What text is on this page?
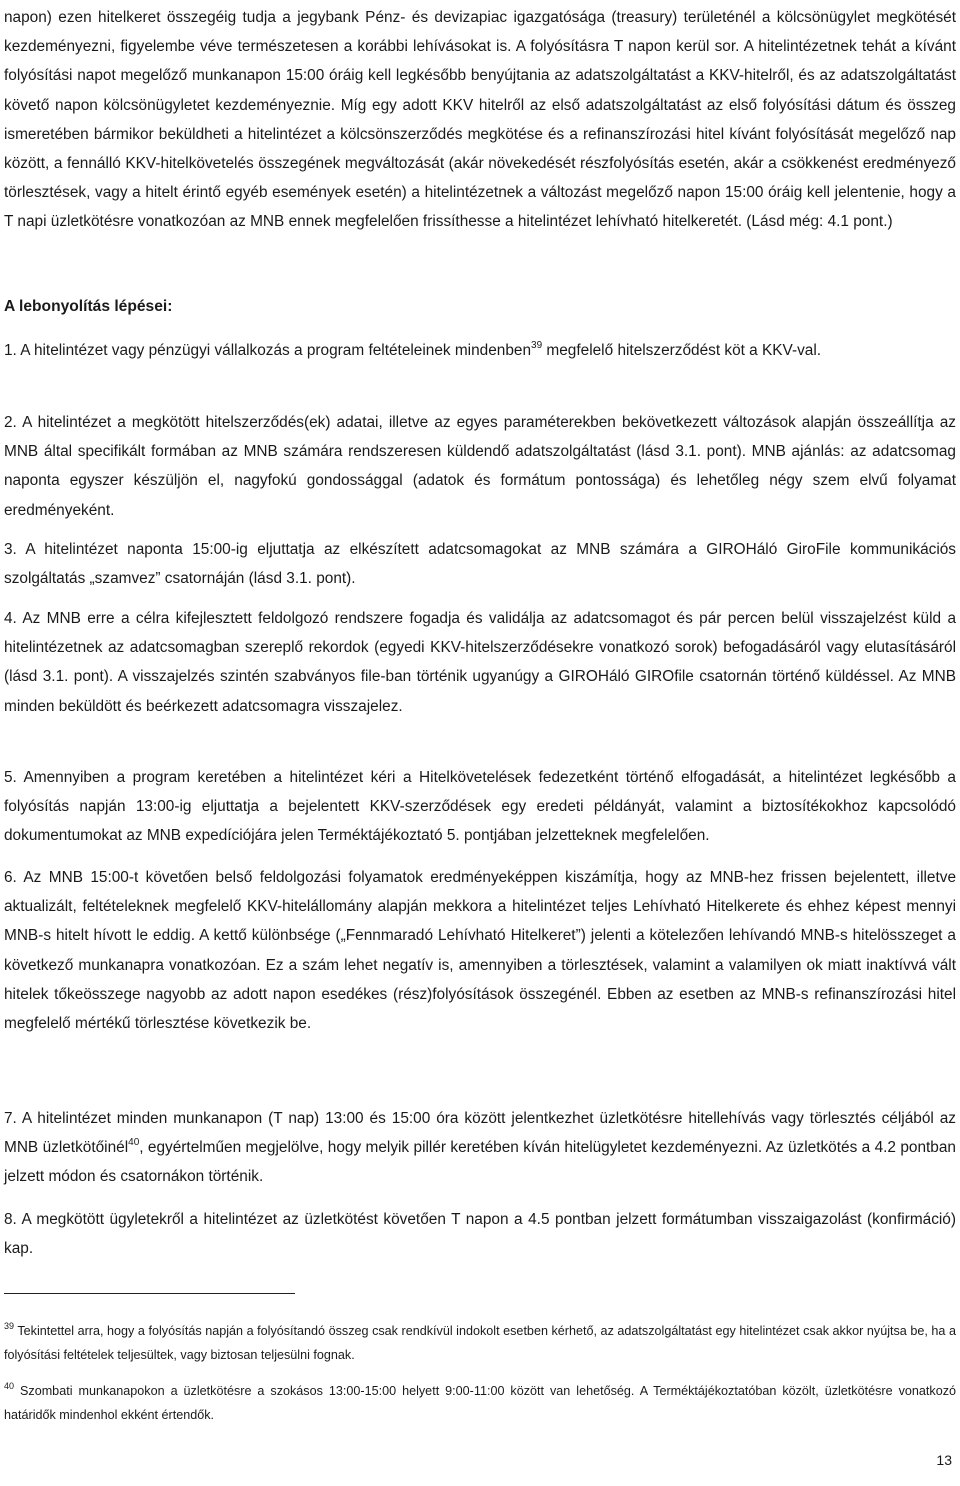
napon) ezen hitelkeret összegéig tudja a jegybank Pénz- és devizapiac igazgatósága (treasury) területénél a kölcsönügylet megkötését kezdeményezni, figyelembe véve természetesen a korábbi lehívásokat is. A folyósításra T napon kerül sor. A hitelintézetnek tehát a kívánt folyósítási napot megelőző munkanapon 15:00 óráig kell legkésőbb benyújtania az adatszolgáltatást a KKV-hitelről, és az adatszolgáltatást követő napon kölcsönügyletet kezdeményeznie. Míg egy adott KKV hitelről az első adatszolgáltatást az első folyósítási dátum és összeg ismeretében bármikor beküldheti a hitelintézet a kölcsönszerződés megkötése és a refinanszírozási hitel kívánt folyósítását megelőző nap között, a fennálló KKV-hitelkövetelés összegének megváltozását (akár növekedését részfolyósítás esetén, akár a csökkenést eredményező törlesztések, vagy a hitelt érintő egyéb események esetén) a hitelintézetnek a változást megelőző napon 15:00 óráig kell jelentenie, hogy a T napi üzletkötésre vonatkozóan az MNB ennek megfelelően frissíthesse a hitelintézet lehívható hitelkeretét. (Lásd még: 4.1 pont.)

A lebonyolítás lépései:

1. A hitelintézet vagy pénzügyi vállalkozás a program feltételeinek mindenben$^{39}$ megfelelő hitelszerződést köt a KKV-val.

2. A hitelintézet a megkötött hitelszerződés(ek) adatai, illetve az egyes paraméterekben bekövetkezett változások alapján összeállítja az MNB által specifikált formában az MNB számára rendszeresen küldendő adatszolgáltatást (lásd 3.1. pont). MNB ajánlás: az adatcsomag naponta egyszer készüljön el, nagyfokú gondossággal (adatok és formátum pontossága) és lehetőleg négy szem elvű folyamat eredményeként.

3. A hitelintézet naponta 15:00-ig eljuttatja az elkészített adatcsomagokat az MNB számára a GIROHáló GiroFile kommunikációs szolgáltatás „szamvez” csatornáján (lásd 3.1. pont).

4. Az MNB erre a célra kifejlesztett feldolgozó rendszere fogadja és validálja az adatcsomagot és pár percen belül visszajelzést küld a hitelintézetnek az adatcsomagban szereplő rekordok (egyedi KKV-hitelszerződésekre vonatkozó sorok) befogadásáról vagy elutasításáról (lásd 3.1. pont). A visszajelzés szintén szabványos file-ban történik ugyanúgy a GIROHáló GIROfile csatornán történő küldéssel. Az MNB minden beküldött és beérkezett adatcsomagra visszajelez.

5. Amennyiben a program keretében a hitelintézet kéri a Hitelkövetelések fedezetként történő elfogadását, a hitelintézet legkésőbb a folyósítás napján 13:00-ig eljuttatja a bejelentett KKV-szerződések egy eredeti példányát, valamint a biztosítékokhoz kapcsolódó dokumentumokat az MNB expedíciójára jelen Terméktájékoztató 5. pontjában jelzetteknek megfelelően.

6. Az MNB 15:00-t követően belső feldolgozási folyamatok eredményeképpen kiszámítja, hogy az MNB-hez frissen bejelentett, illetve aktualizált, feltételeknek megfelelő KKV-hitelállomány alapján mekkora a hitelintézet teljes Lehívható Hitelkerete és ehhez képest mennyi MNB-s hitelt hívott le eddig. A kettő különbsége („Fennmaradó Lehívható Hitelkeret”) jelenti a kötelezően lehívandó MNB-s hitelösszeget a következő munkanapra vonatkozóan. Ez a szám lehet negatív is, amennyiben a törlesztések, valamint a valamilyen ok miatt inaktívvá vált hitelek tőkeösszege nagyobb az adott napon esedékes (rész)folyósítások összegénél. Ebben az esetben az MNB-s refinanszírozási hitel megfelelő mértékű törlesztése következik be.

7. A hitelintézet minden munkanapon (T nap) 13:00 és 15:00 óra között jelentkezhet üzletkötésre hitellehívás vagy törlesztés céljából az MNB üzletkötőinél$^{40}$, egyértelműen megjelölve, hogy melyik pillér keretében kíván hitelügyletet kezdeményezni. Az üzletkötés a 4.2 pontban jelzett módon és csatornákon történik.

8. A megkötött ügyletekről a hitelintézet az üzletkötést követően T napon a 4.5 pontban jelzett formátumban visszaigazolást (konfirmáció) kap.

$^{39}$ Tekintettel arra, hogy a folyósítás napján a folyósítandó összeg csak rendkívül indokolt esetben kérhető, az adatszolgáltatást egy hitelintézet csak akkor nyújtsa be, ha a folyósítási feltételek teljesültek, vagy biztosan teljesülni fognak.

$^{40}$ Szombati munkanapokon a üzletkötésre a szokásos 13:00-15:00 helyett 9:00-11:00 között van lehetőség. A Terméktájékoztatóban közölt, üzletkötésre vonatkozó határidők mindenhol ekként értendők.

13
